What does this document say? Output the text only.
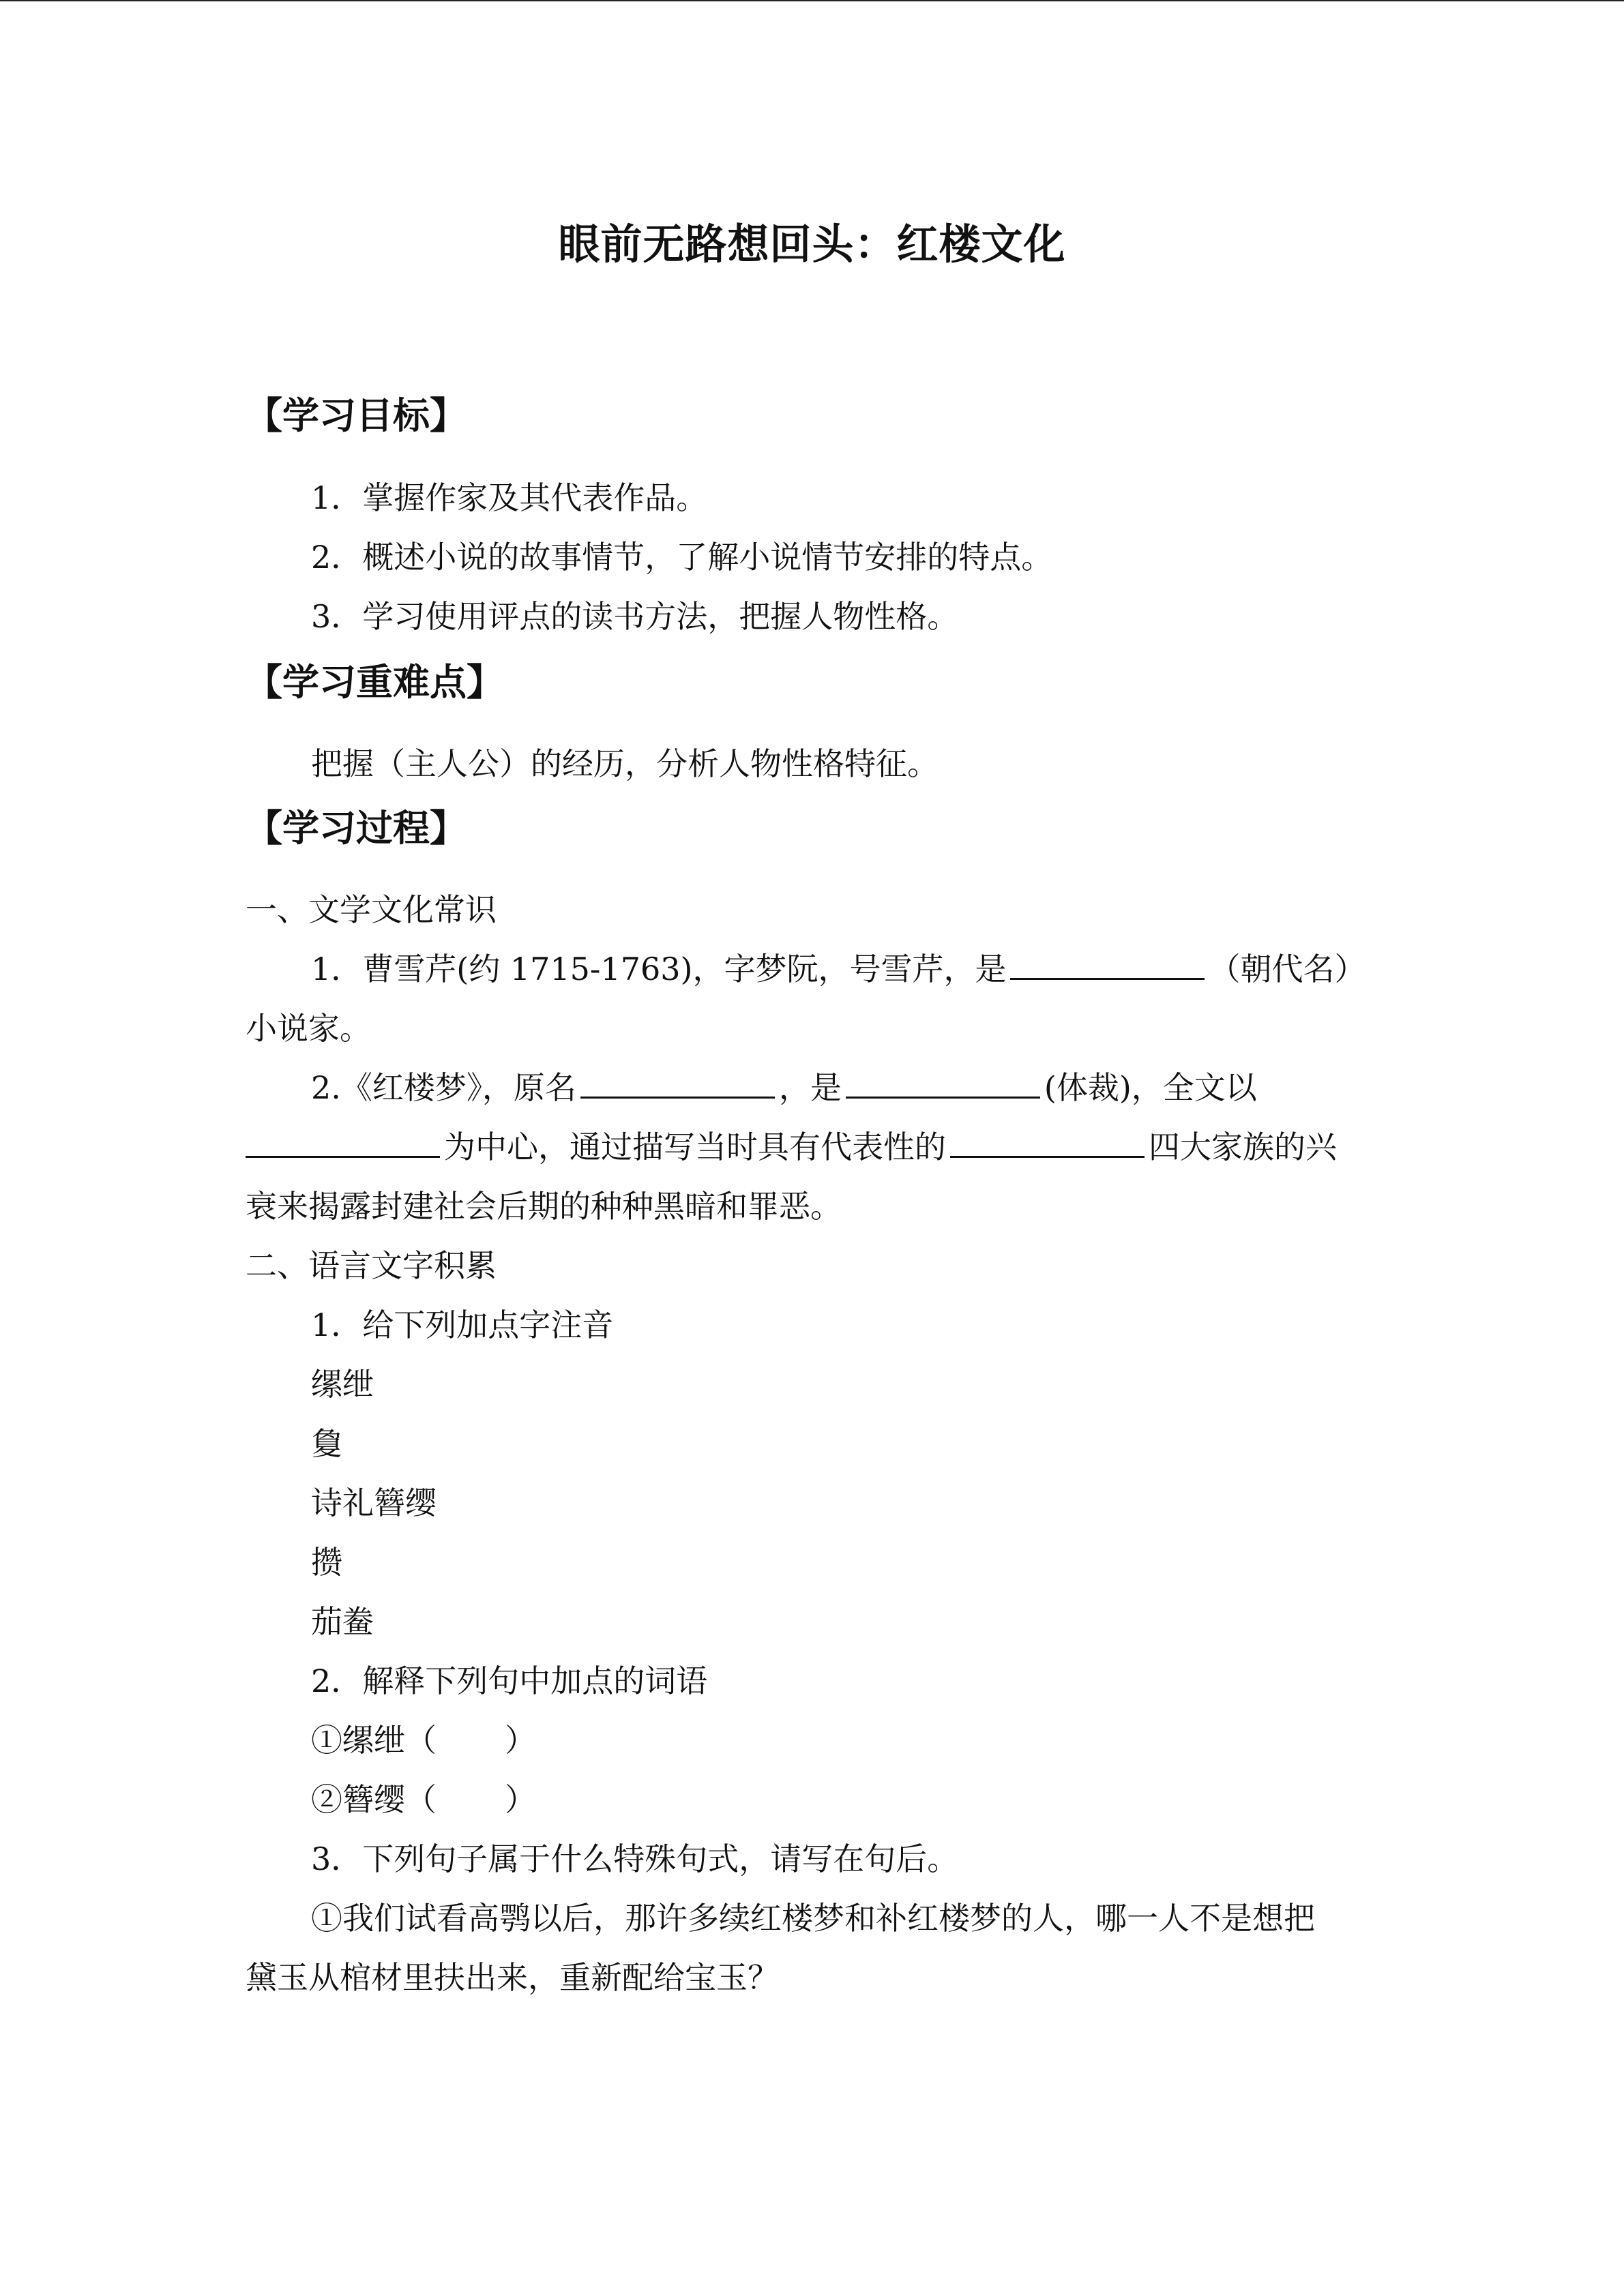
眼前无路想回头：红楼文化
【学习目标】
1．掌握作家及其代表作品。
2．概述小说的故事情节，了解小说情节安排的特点。
3．学习使用评点的读书方法，把握人物性格。
【学习重难点】
把握（主人公）的经历，分析人物性格特征。
【学习过程】
一、文学文化常识
1．曹雪芹(约 1715-1763)，字梦阮，号雪芹，是	（朝代名）
小说家。
2.《红楼梦》，原名	，是	(体裁)，全文以
为中心，通过描写当时具有代表性的	四大家族的兴
衰来揭露封建社会后期的种种黑暗和罪恶。
二、语言文字积累
1．给下列加点字注音
缧绁
敻
诗礼簪缨
攒
茄鲞
2．解释下列句中加点的词语
①缧绁（ ）
②簪缨（ ）
3．下列句子属于什么特殊句式，请写在句后。
①我们试看高鹗以后，那许多续红楼梦和补红楼梦的人，哪一人不是想把
黛玉从棺材里扶出来，重新配给宝玉？
